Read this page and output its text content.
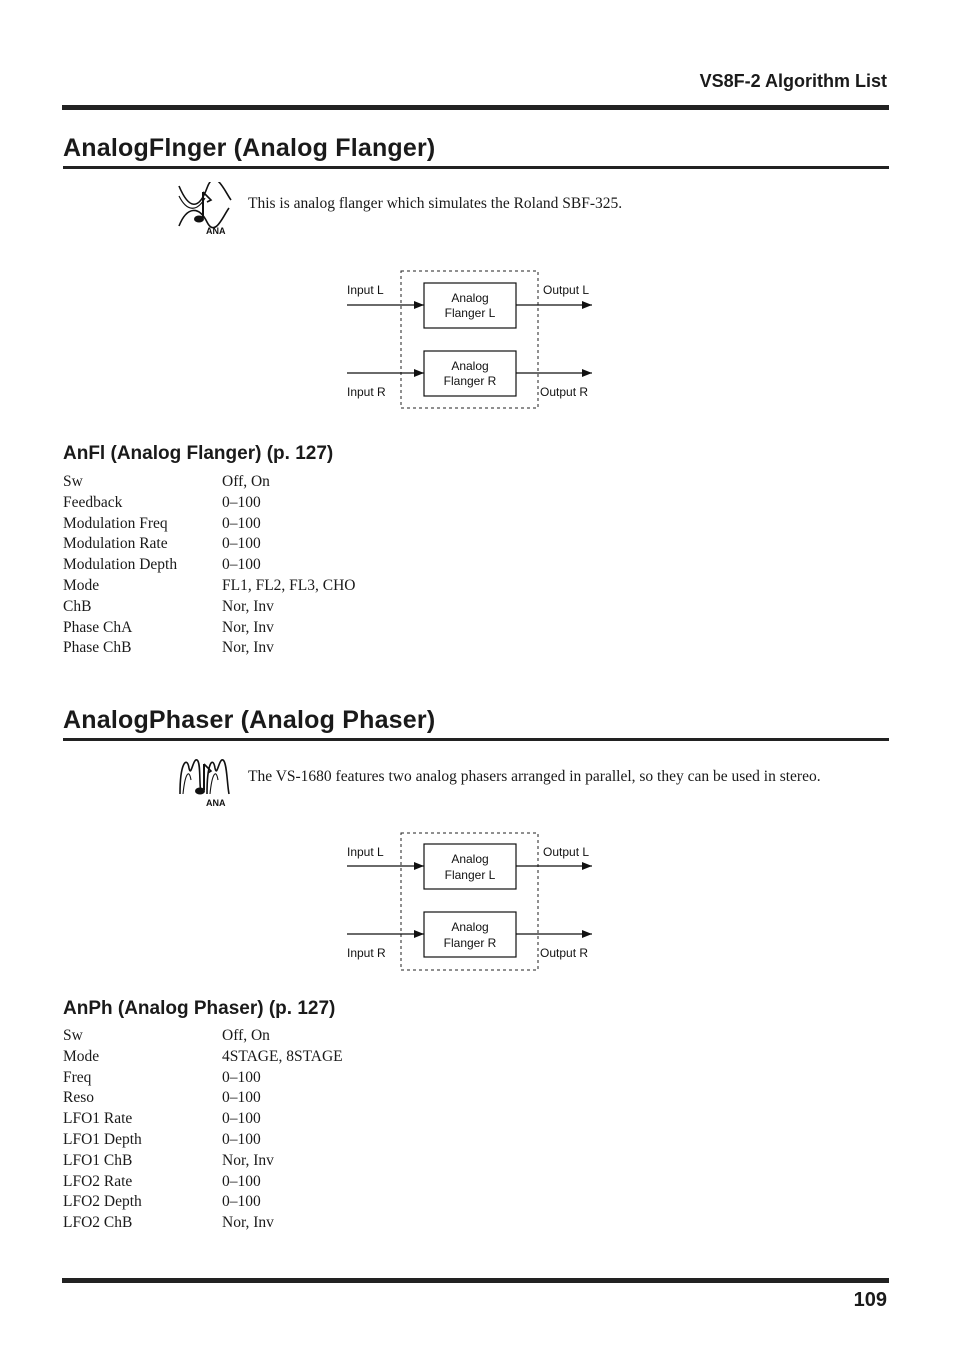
VS8F-2 Algorithm List
AnalogFlnger (Analog Flanger)
ANA
This is analog flanger which simulates the Roland SBF-325.
Input L
Input R
Output L
Output R
Analog
Flanger L
Analog
Flanger R
AnFl (Analog Flanger) (p. 127)
Sw	Off, On
Feedback	0–100
Modulation Freq	0–100
Modulation Rate	0–100
Modulation Depth	0–100
Mode	FL1, FL2, FL3, CHO
ChB	Nor, Inv
Phase ChA	Nor, Inv
Phase ChB	Nor, Inv
AnalogPhaser (Analog Phaser)
ANA
The VS-1680 features two analog phasers arranged in parallel, so they can be used in stereo.
Input L
Input R
Output L
Output R
Analog
Flanger L
Analog
Flanger R
AnPh (Analog Phaser) (p. 127)
Sw	Off, On
Mode	4STAGE, 8STAGE
Freq	0–100
Reso	0–100
LFO1 Rate	0–100
LFO1 Depth	0–100
LFO1 ChB	Nor, Inv
LFO2 Rate	0–100
LFO2 Depth	0–100
LFO2 ChB	Nor, Inv
109
